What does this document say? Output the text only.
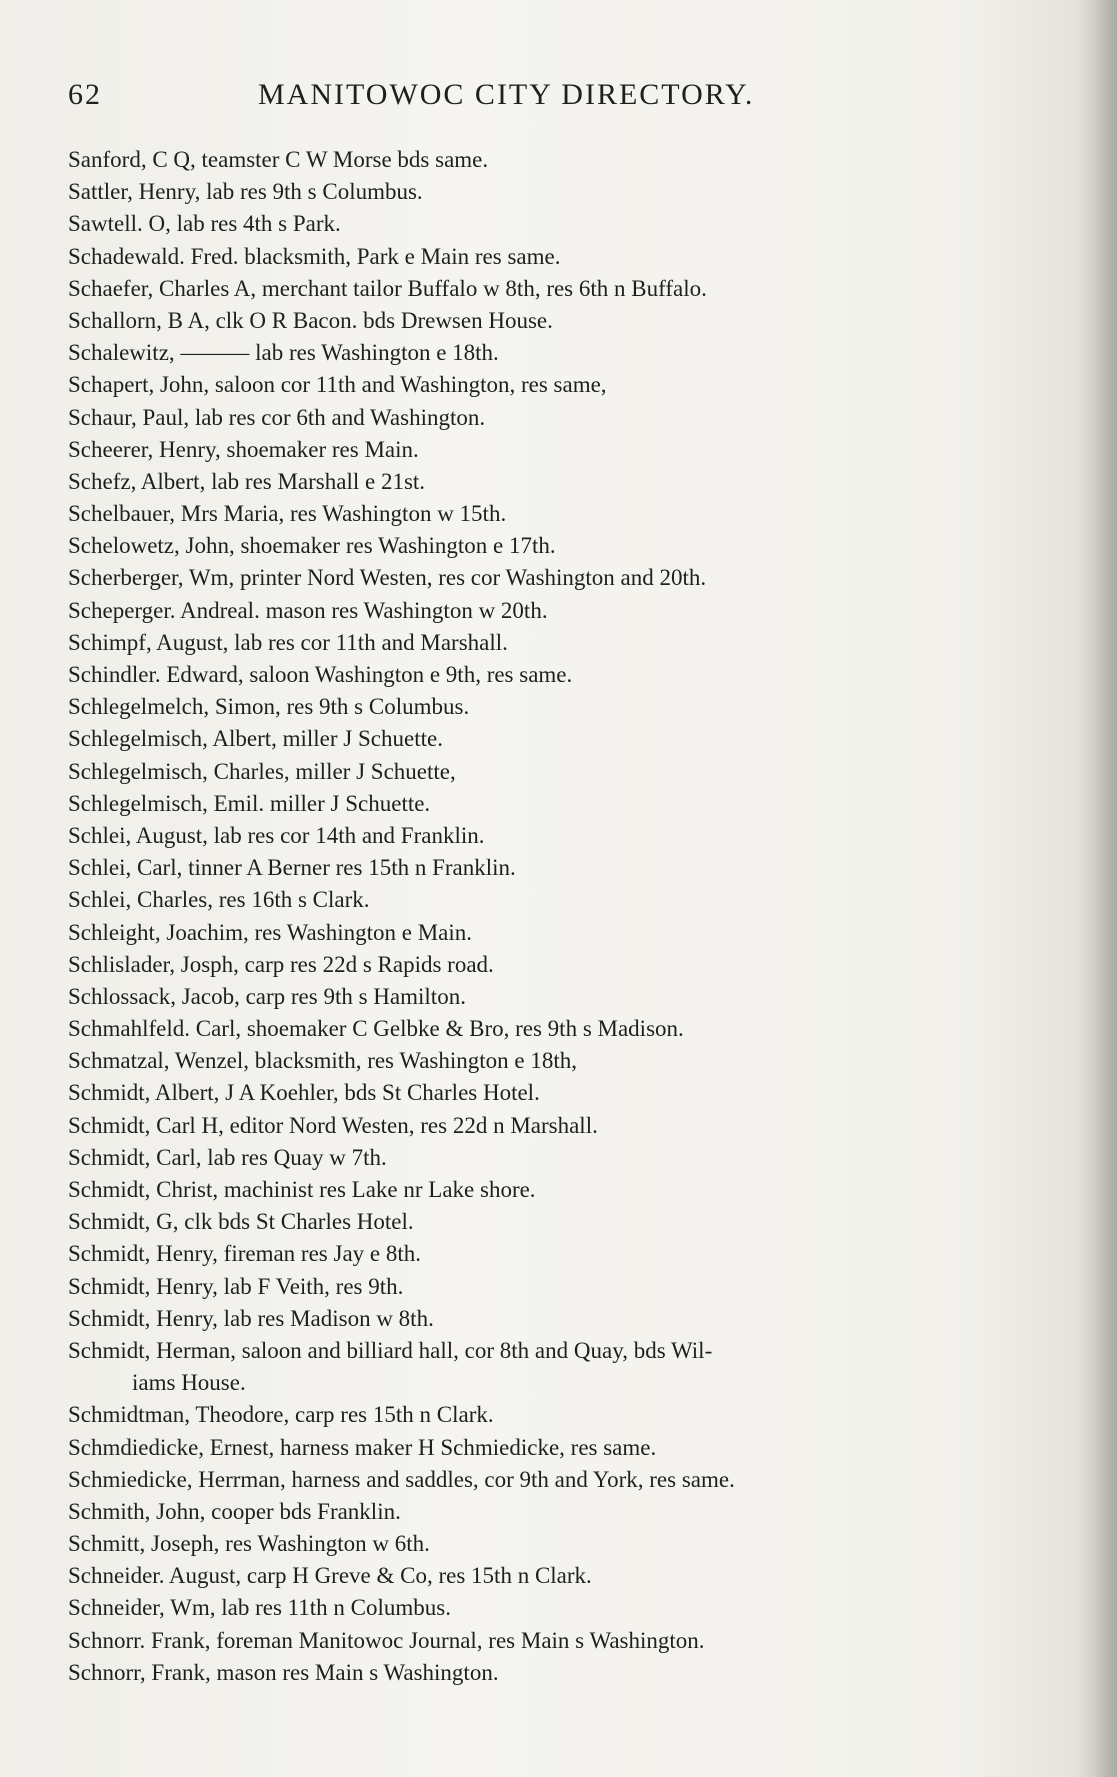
62	MANITOWOC CITY DIRECTORY.
Sanford, C Q, teamster C W Morse bds same.
Sattler, Henry, lab res 9th s Columbus.
Sawtell. O, lab res 4th s Park.
Schadewald. Fred. blacksmith, Park e Main res same.
Schaefer, Charles A, merchant tailor Buffalo w 8th, res 6th n Buffalo.
Schallorn, B A, clk O R Bacon. bds Drewsen House.
Schalewitz, ——— lab res Washington e 18th.
Schapert, John, saloon cor 11th and Washington, res same,
Schaur, Paul, lab res cor 6th and Washington.
Scheerer, Henry, shoemaker res Main.
Schefz, Albert, lab res Marshall e 21st.
Schelbauer, Mrs Maria, res Washington w 15th.
Schelowetz, John, shoemaker res Washington e 17th.
Scherberger, Wm, printer Nord Westen, res cor Washington and 20th.
Scheperger. Andreal. mason res Washington w 20th.
Schimpf, August, lab res cor 11th and Marshall.
Schindler. Edward, saloon Washington e 9th, res same.
Schlegelmelch, Simon, res 9th s Columbus.
Schlegelmisch, Albert, miller J Schuette.
Schlegelmisch, Charles, miller J Schuette,
Schlegelmisch, Emil. miller J Schuette.
Schlei, August, lab res cor 14th and Franklin.
Schlei, Carl, tinner A Berner res 15th n Franklin.
Schlei, Charles, res 16th s Clark.
Schleight, Joachim, res Washington e Main.
Schlislader, Josph, carp res 22d s Rapids road.
Schlossack, Jacob, carp res 9th s Hamilton.
Schmahlfeld. Carl, shoemaker C Gelbke & Bro, res 9th s Madison.
Schmatzal, Wenzel, blacksmith, res Washington e 18th,
Schmidt, Albert, J A Koehler, bds St Charles Hotel.
Schmidt, Carl H, editor Nord Westen, res 22d n Marshall.
Schmidt, Carl, lab res Quay w 7th.
Schmidt, Christ, machinist res Lake nr Lake shore.
Schmidt, G, clk bds St Charles Hotel.
Schmidt, Henry, fireman res Jay e 8th.
Schmidt, Henry, lab F Veith, res 9th.
Schmidt, Henry, lab res Madison w 8th.
Schmidt, Herman, saloon and billiard hall, cor 8th and Quay, bds Wil-
iams House.
Schmidtman, Theodore, carp res 15th n Clark.
Schmdiedicke, Ernest, harness maker H Schmiedicke, res same.
Schmiedicke, Herrman, harness and saddles, cor 9th and York, res same.
Schmith, John, cooper bds Franklin.
Schmitt, Joseph, res Washington w 6th.
Schneider. August, carp H Greve & Co, res 15th n Clark.
Schneider, Wm, lab res 11th n Columbus.
Schnorr. Frank, foreman Manitowoc Journal, res Main s Washington.
Schnorr, Frank, mason res Main s Washington.
